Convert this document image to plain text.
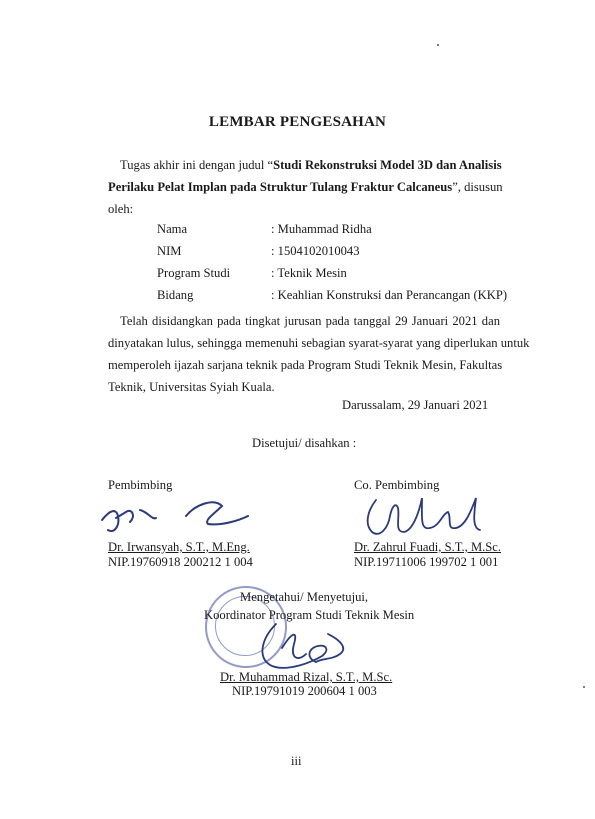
LEMBAR PENGESAHAN
Tugas akhir ini dengan judul “Studi Rekonstruksi Model 3D dan Analisis
Perilaku Pelat Implan pada Struktur Tulang Fraktur Calcaneus”, disusun
oleh:
Nama	: Muhammad Ridha
NIM	: 1504102010043
Program Studi	: Teknik Mesin
Bidang	: Keahlian Konstruksi dan Perancangan (KKP)
Telah disidangkan pada tingkat jurusan pada tanggal 29 Januari 2021 dan
dinyatakan lulus, sehingga memenuhi sebagian syarat-syarat yang diperlukan untuk
memperoleh ijazah sarjana teknik pada Program Studi Teknik Mesin, Fakultas
Teknik, Universitas Syiah Kuala.
Darussalam, 29 Januari 2021
Disetujui/ disahkan :
Pembimbing
Dr. Irwansyah, S.T., M.Eng.
NIP.19760918 200212 1 004
Co. Pembimbing
Dr. Zahrul Fuadi, S.T., M.Sc.
NIP.19711006 199702 1 001
Mengetahui/ Menyetujui,
Koordinator Program Studi Teknik Mesin
Dr. Muhammad Rizal, S.T., M.Sc.
NIP.19791019 200604 1 003
iii
